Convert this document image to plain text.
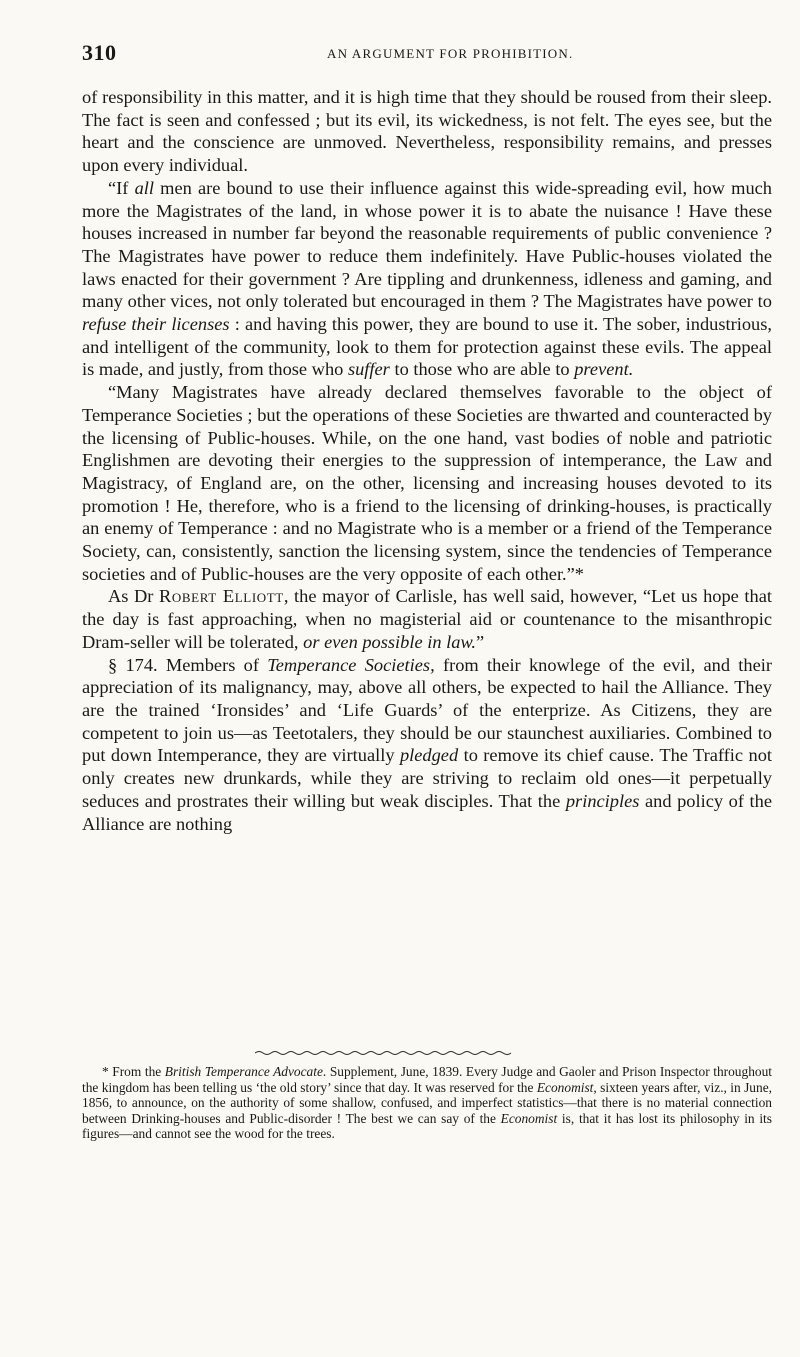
310	AN ARGUMENT FOR PROHIBITION.

of responsibility in this matter, and it is high time that they should be roused from their sleep. The fact is seen and confessed ; but its evil, its wickedness, is not felt. The eyes see, but the heart and the conscience are unmoved. Nevertheless, responsibility remains, and presses upon every individual.

“If all men are bound to use their influence against this wide-spreading evil, how much more the Magistrates of the land, in whose power it is to abate the nuisance ! Have these houses increased in number far beyond the reasonable requirements of public convenience ? The Magistrates have power to reduce them indefinitely. Have Public-houses violated the laws enacted for their government ? Are tippling and drunkenness, idleness and gaming, and many other vices, not only tolerated but encouraged in them ? The Magistrates have power to refuse their licenses : and having this power, they are bound to use it. The sober, industrious, and intelligent of the community, look to them for protection against these evils. The appeal is made, and justly, from those who suffer to those who are able to prevent.

“Many Magistrates have already declared themselves favorable to the object of Temperance Societies ; but the operations of these Societies are thwarted and counteracted by the licensing of Public-houses. While, on the one hand, vast bodies of noble and patriotic Englishmen are devoting their energies to the suppression of intemperance, the Law and Magistracy, of England are, on the other, licensing and increasing houses devoted to its promotion ! He, therefore, who is a friend to the licensing of drinking-houses, is practically an enemy of Temperance : and no Magistrate who is a member or a friend of the Temperance Society, can, consistently, sanction the licensing system, since the tendencies of Temperance societies and of Public-houses are the very opposite of each other.”*

As Dr Robert Elliott, the mayor of Carlisle, has well said, however, “Let us hope that the day is fast approaching, when no magisterial aid or countenance to the misanthropic Dram-seller will be tolerated, or even possible in law.”

§ 174. Members of Temperance Societies, from their knowlege of the evil, and their appreciation of its malignancy, may, above all others, be expected to hail the Alliance. They are the trained ‘Ironsides’ and ‘Life Guards’ of the enterprize. As Citizens, they are competent to join us—as Teetotalers, they should be our staunchest auxiliaries. Combined to put down Intemperance, they are virtually pledged to remove its chief cause. The Traffic not only creates new drunkards, while they are striving to reclaim old ones—it perpetually seduces and prostrates their willing but weak disciples. That the principles and policy of the Alliance are nothing

* From the British Temperance Advocate. Supplement, June, 1839. Every Judge and Gaoler and Prison Inspector throughout the kingdom has been telling us ‘the old story’ since that day. It was reserved for the Economist, sixteen years after, viz., in June, 1856, to announce, on the authority of some shallow, confused, and imperfect statistics—that there is no material connection between Drinking-houses and Public-disorder ! The best we can say of the Economist is, that it has lost its philosophy in its figures—and cannot see the wood for the trees.
